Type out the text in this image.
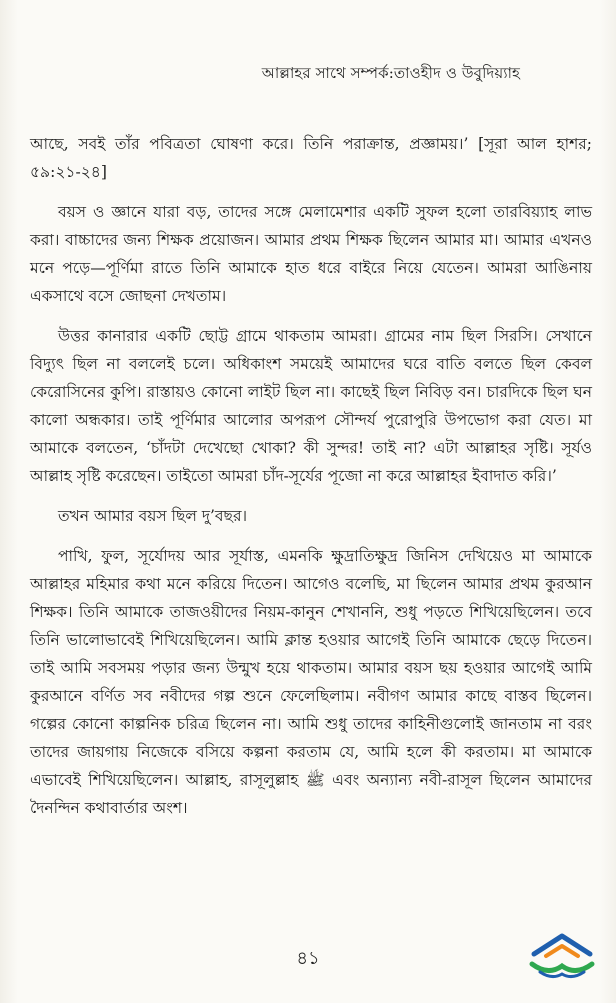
আল্লাহর সাথে সম্পর্ক:তাওহীদ ও উবুদিয়্যাহ

আছে, সবই তাঁর পবিত্রতা ঘোষণা করে। তিনি পরাক্রান্ত, প্রজ্ঞাময়।’ [সূরা আল হাশর; ৫৯:২১-২৪]

বয়স ও জ্ঞানে যারা বড়, তাদের সঙ্গে মেলামেশার একটি সুফল হলো তারবিয়্যাহ লাভ করা। বাচ্চাদের জন্য শিক্ষক প্রয়োজন। আমার প্রথম শিক্ষক ছিলেন আমার মা। আমার এখনও মনে পড়ে—পূর্ণিমা রাতে তিনি আমাকে হাত ধরে বাইরে নিয়ে যেতেন। আমরা আঙিনায় একসাথে বসে জোছনা দেখতাম।

উত্তর কানারার একটি ছোট্ট গ্রামে থাকতাম আমরা। গ্রামের নাম ছিল সিরসি। সেখানে বিদ্যুৎ ছিল না বললেই চলে। অধিকাংশ সময়েই আমাদের ঘরে বাতি বলতে ছিল কেবল কেরোসিনের কুপি। রাস্তায়ও কোনো লাইট ছিল না। কাছেই ছিল নিবিড় বন। চারদিকে ছিল ঘন কালো অন্ধকার। তাই পূর্ণিমার আলোর অপরূপ সৌন্দর্য পুরোপুরি উপভোগ করা যেত। মা আমাকে বলতেন, ‘চাঁদটা দেখেছো খোকা? কী সুন্দর! তাই না? এটা আল্লাহর সৃষ্টি। সূর্যও আল্লাহ সৃষ্টি করেছেন। তাইতো আমরা চাঁদ-সূর্যের পূজো না করে আল্লাহর ইবাদাত করি।’

তখন আমার বয়স ছিল দু’বছর।

পাখি, ফুল, সূর্যোদয় আর সূর্যাস্ত, এমনকি ক্ষুদ্রাতিক্ষুদ্র জিনিস দেখিয়েও মা আমাকে আল্লাহর মহিমার কথা মনে করিয়ে দিতেন। আগেও বলেছি, মা ছিলেন আমার প্রথম কুরআন শিক্ষক। তিনি আমাকে তাজওয়ীদের নিয়ম-কানুন শেখাননি, শুধু পড়তে শিখিয়েছিলেন। তবে তিনি ভালোভাবেই শিখিয়েছিলেন। আমি ক্লান্ত হওয়ার আগেই তিনি আমাকে ছেড়ে দিতেন। তাই আমি সবসময় পড়ার জন্য উন্মুখ হয়ে থাকতাম। আমার বয়স ছয় হওয়ার আগেই আমি কুরআনে বর্ণিত সব নবীদের গল্প শুনে ফেলেছিলাম। নবীগণ আমার কাছে বাস্তব ছিলেন। গল্পের কোনো কাল্পনিক চরিত্র ছিলেন না। আমি শুধু তাদের কাহিনীগুলোই জানতাম না বরং তাদের জায়গায় নিজেকে বসিয়ে কল্পনা করতাম যে, আমি হলে কী করতাম। মা আমাকে এভাবেই শিখিয়েছিলেন। আল্লাহ, রাসূলুল্লাহ ﷺ এবং অন্যান্য নবী-রাসূল ছিলেন আমাদের দৈনন্দিন কথাবার্তার অংশ।

৪১
